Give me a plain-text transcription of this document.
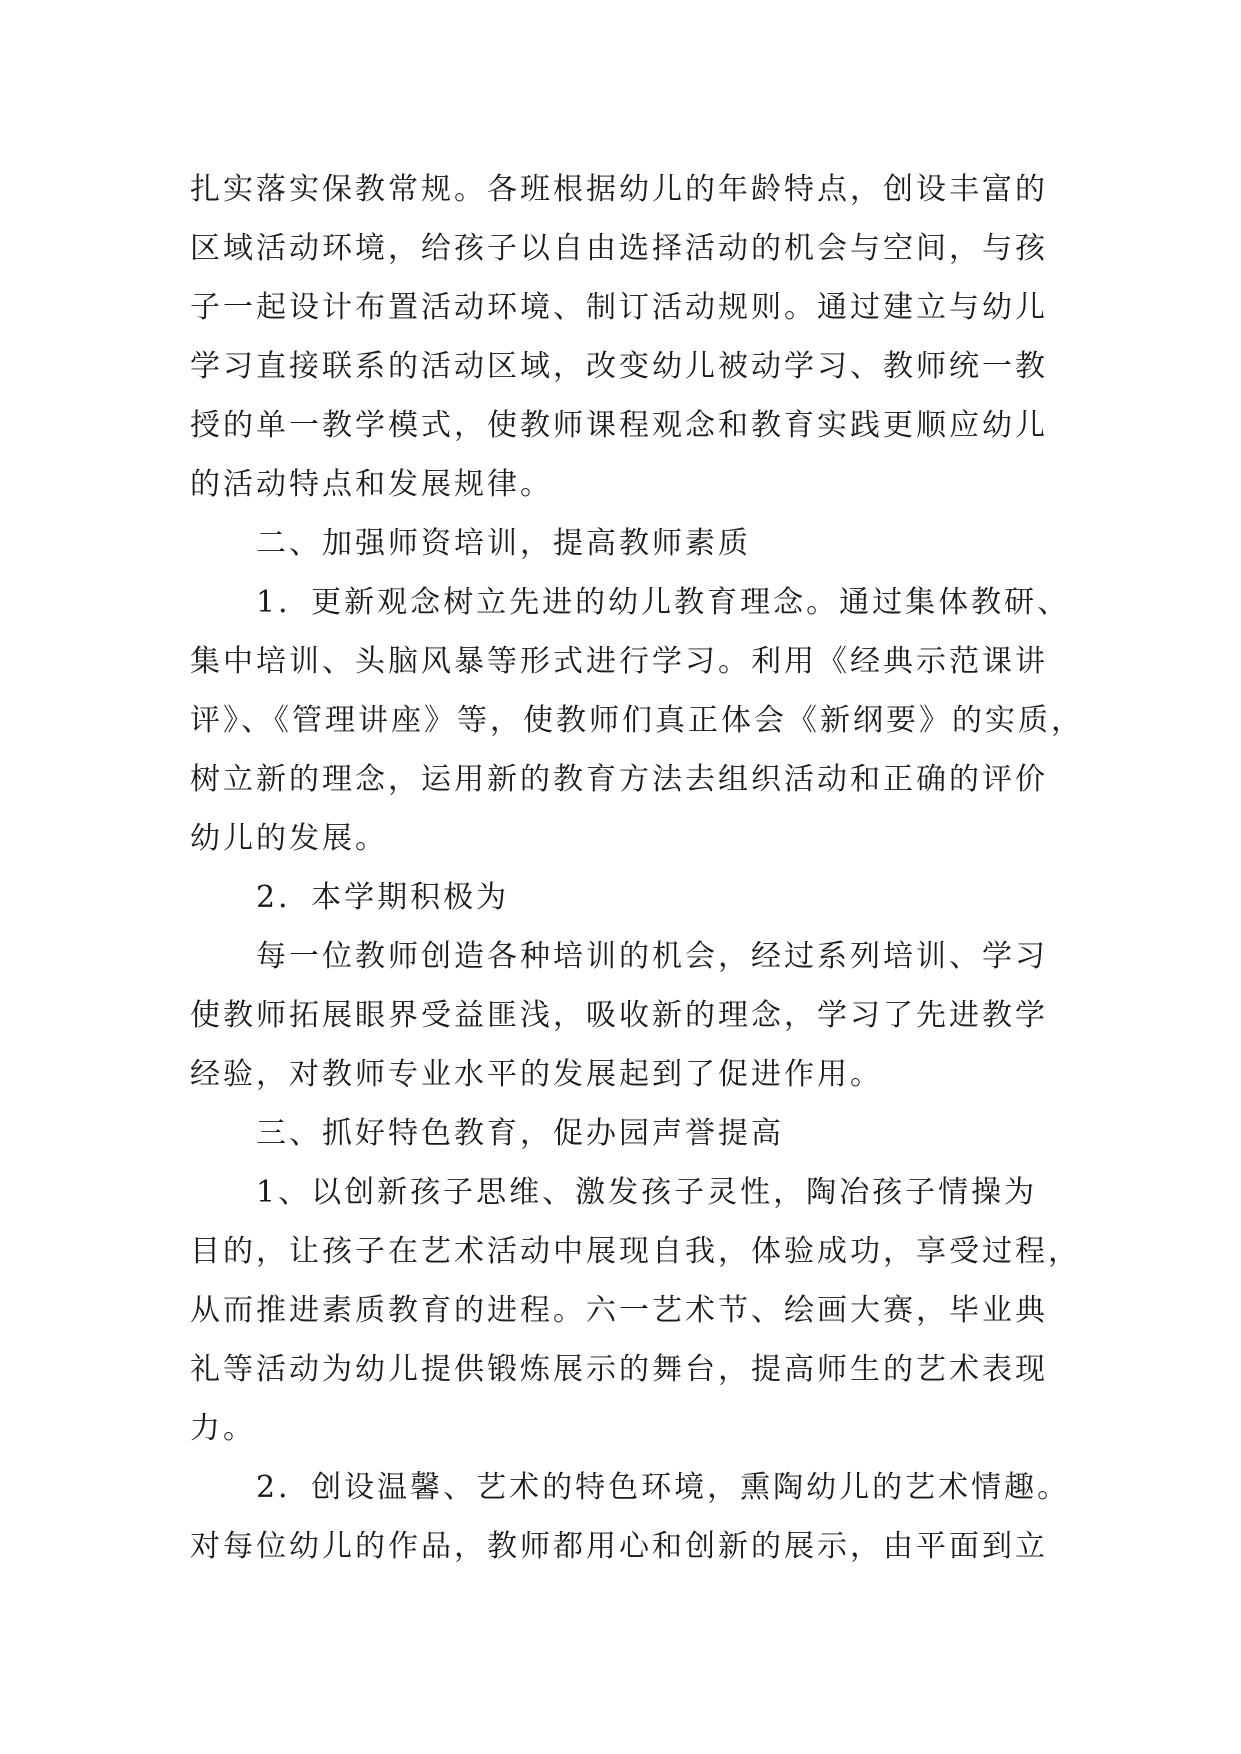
扎实落实保教常规。各班根据幼儿的年龄特点，创设丰富的
区域活动环境，给孩子以自由选择活动的机会与空间，与孩
子一起设计布置活动环境、制订活动规则。通过建立与幼儿
学习直接联系的活动区域，改变幼儿被动学习、教师统一教
授的单一教学模式，使教师课程观念和教育实践更顺应幼儿
的活动特点和发展规律。
二、加强师资培训，提高教师素质
1．更新观念树立先进的幼儿教育理念。通过集体教研、
集中培训、头脑风暴等形式进行学习。利用《经典示范课讲
评》、《管理讲座》等，使教师们真正体会《新纲要》的实质，
树立新的理念，运用新的教育方法去组织活动和正确的评价
幼儿的发展。
2．本学期积极为
每一位教师创造各种培训的机会，经过系列培训、学习
使教师拓展眼界受益匪浅，吸收新的理念，学习了先进教学
经验，对教师专业水平的发展起到了促进作用。
三、抓好特色教育，促办园声誉提高
1、以创新孩子思维、激发孩子灵性，陶冶孩子情操为
目的，让孩子在艺术活动中展现自我，体验成功，享受过程，
从而推进素质教育的进程。六一艺术节、绘画大赛，毕业典
礼等活动为幼儿提供锻炼展示的舞台，提高师生的艺术表现
力。
2．创设温馨、艺术的特色环境，熏陶幼儿的艺术情趣。
对每位幼儿的作品，教师都用心和创新的展示，由平面到立
